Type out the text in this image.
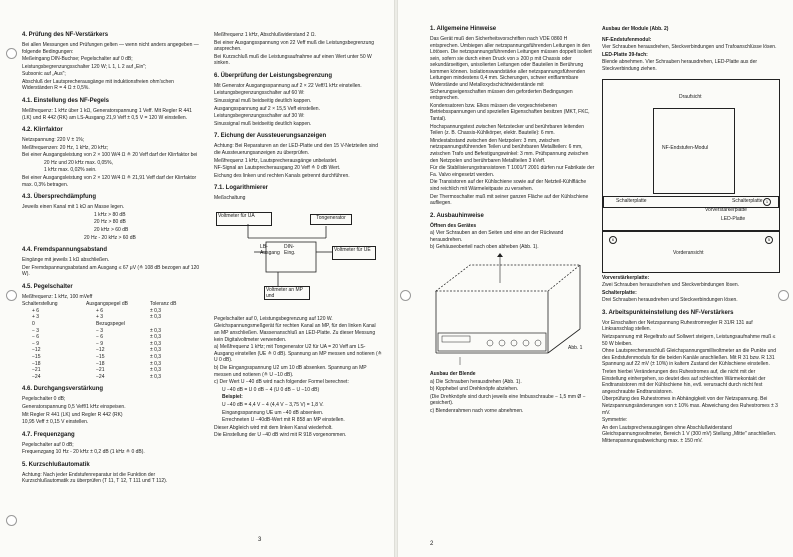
4. Prüfung des NF-Verstärkers

Bei allen Messungen und Prüfungen gelten — wenn nicht anders angegeben — folgende Bedingungen:

Meßeingang DIN-Buchse; Pegelschalter auf 0 dB;

Leistungsbegrenzungsschalter 120 W; L 1, L 2 auf „Ein";

Subsonic auf „Aus";

Abschluß der Lautsprecherausgänge mit induktionsfreien ohm'schen Widerständen R = 4 Ω ± 0,5%.

4.1. Einstellung des NF-Pegels

Meßfrequenz: 1 kHz über 1 kΩ, Generatorspannung 1 Veff. Mit Regler R 441 (LK) und R 442 (RK) am LS-Ausgang 21,9 Veff ± 0,5 V = 120 W einstellen.

4.2. Klirrfaktor

Netzspannung: 220 V ± 1%;

Meßfrequenzen: 20 Hz, 1 kHz, 20 kHz;

Bei einer Ausgangsleistung von 2 × 100 W/4 Ω ≙ 20 Veff darf der Klirrfaktor bei

20 Hz und 20 kHz max. 0,05%,

1 kHz max. 0,02% sein.

Bei einer Ausgangsleistung von 2 × 120 W/4 Ω ≙ 21,91 Veff darf der Klirrfaktor max. 0,3% betragen.

4.3. Übersprechdämpfung

Jeweils einen Kanal mit 1 kΩ an Masse legen.

1 kHz > 80 dB

20 Hz > 80 dB

20 kHz > 60 dB

20 Hz - 20 kHz > 60 dB

4.4. Fremdspannungsabstand

Eingänge mit jeweils 1 kΩ abschließen.

Der Fremdspannungsabstand am Ausgang ≤ 67 μV (≙ 108 dB bezogen auf 120 W).

4.5. Pegelschalter

Meßfrequenz: 1 kHz, 100 mVeff

Schalterstellung	Ausgangspegel dB	Toleranz dB
+ 6	+ 6	± 0,3
+ 3	+ 3	± 0,3
0	Bezugspegel
− 3	− 3	± 0,3
− 6	− 6	± 0,3
− 9	− 9	± 0,3
−12	−12	± 0,3
−15	−15	± 0,3
−18	−18	± 0,3
−21	−21	± 0,3
−24	−24	± 0,3
4.6. Durchgangsverstärkung

Pegelschalter 0 dB;

Generatorspannung 0,5 Veff/1 kHz einspeisen.

Mit Regler R 441 (LK) und Regler R 442 (RK)

10,95 Veff ± 0,15 V einstellen.

4.7. Frequenzgang

Pegelschalter auf 0 dB;

Frequenzgang 10 Hz - 20 kHz ± 0,2 dB (1 kHz ≙ 0 dB).

5. Kurzschlußautomatik

Achtung: Nach jeder Endstufenreparatur ist die Funktion der Kurzschlußautomatik zu überprüfen (T 11, T 12, T 111 und T 112).

Meßfrequenz 1 kHz, Abschlußwiderstand 2 Ω.

Bei einer Ausgangsspannung von 22 Veff muß die Leistungsbegrenzung ansprechen.

Bei Kurzschluß muß die Leistungsaufnahme auf einen Wert unter 50 W sinken.

6. Überprüfung der Leistungsbegrenzung

Mit Generator Ausgangsspannung auf 2 × 22 Veff/1 kHz einstellen.

Leistungsbegrenzungsschalter auf 60 W:

Sinussignal muß beidseitig deutlich kappen.

Ausgangsspannung auf 2 × 15,5 Veff einstellen.

Leistungsbegrenzungsschalter auf 30 W:

Sinussignal muß beidseitig deutlich kappen.

7. Eichung der Aussteuerungsanzeigen

Achtung: Bei Reparaturen an der LED-Platte und den 15 V-Netzteilen sind die Aussteuerungsanzeigen zu überprüfen.

Meßfrequenz 1 kHz, Lautsprecherausgänge unbelastet.

NF-Signal an Lautsprecherausgang 20 Veff ≙ 0 dB Wert.

Eichung des linken und rechten Kanals getrennt durchführen.

7.1. Logarithmierer

Meßschaltung

Voltmeter für UA	Tongenerator
LB-Ausgang
DIN-Eing.
Voltmeter für UE
Voltmeter an MP und

Pegelschalter auf 0, Leistungsbegrenzung auf 120 W.

Gleichspannungsmeßgerät für rechten Kanal an MP, für den linken Kanal an MP anschließen. Massenanschluß an LED-Platte. Zu dieser Messung kein Digitalvoltmeter verwenden.

a) Meßfrequenz 1 kHz; mit Tongenerator U2 für UA = 20 Veff am LS-Ausgang einstellen (UE ≙ 0 dB). Spannung an MP messen und notieren (≙ U 0 dB).

b) Die Eingangsspannung U2 um 10 dB absenken. Spannung an MP messen und notieren (≙ U −10 dB).

c) Der Wert U −40 dB wird nach folgender Formel berechnet:

U −40 dB = U 0 dB − 4 (U 0 dB − U −10 dB)

Beispiel:

U −40 dB = 4,4 V − 4 (4,4 V − 3,75 V) = 1,8 V.

Eingangsspannung UE um −40 dB absenken.

Errechneten U −40dB-Wert mit R 858 an MP einstellen.

Dieser Abgleich wird mit dem linken Kanal wiederholt.

Die Einstellung der U −40 dB wird mit R 918 vorgenommen.

3
1. Allgemeine Hinweise

Das Gerät muß den Sicherheitsvorschriften nach VDE 0860 H entsprechen. Umbiegen aller netzspannungsführenden Leitungen in den Lötösen. Die netzspannungsführenden Leitungen müssen doppelt isoliert sein, sofern sie durch einen Druck von ≥ 200 p mit Chassis oder sekundärseitigen, unisolierten Leitungen oder Bauteilen in Berührung kommen können. Isolationswandstärke aller netzspannungsführenden Leitungen mindestens 0,4 mm. Sicherungen, schwer entflammbare Widerstände und Metalloxydschichtwiderstände mit Sicherungseigenschaften müssen den geforderten Bedingungen entsprechen.

Kondensatoren bzw. Elkos müssen die vorgeschriebenen Betriebsspannungen und speziellen Eigenschaften besitzen (MKT, FKC, Tantal).

Hochspannungstest zwischen Netzstecker und berührbaren leitenden Teilen (z. B. Chassis-Kühlkörper, elektr. Bauteile): 6 mm.

Mindestabstand zwischen den Netzpolen: 3 mm, zwischen netzspannungsführenden Teilen und berührbaren Metallteilen: 6 mm, zwischen Trafo und Befestigungswinkel: 3 mm. Prüfspannung zwischen den Netzpolen und berührbaren Metallteilen 3 kVeff.

Für die Stabilisierungstransistoren T 1001/T 2001 dürfen nur Fabrikate der Fa. Valvo eingesetzt werden.

Die Transistoren auf der Kühlschiene sowie auf der Netzteil-Kühlfläche sind reichlich mit Wärmeleitpaste zu versehen.

Der Thermoschalter muß mit seiner ganzen Fläche auf der Kühlschiene aufliegen.

2. Ausbauhinweise

Öffnen des Gerätes

a) Vier Schrauben an den Seiten und eine an der Rückwand herausdrehen.

b) Gehäuseoberteil nach oben abheben (Abb. 1).

Abb. 1

Ausbau der Blende

a) Die Schrauben herausdrehen (Abb. 1).

b) Kipphebel und Drehknöpfe abziehen.

(Die Drehknöpfe sind durch jeweils eine Imbusschraube − 1,5 mm Ø − gesichert).

c) Blendenrahmen nach vorne abnehmen.

Ausbau der Module (Abb. 2)

NF-Endstufenmodul:

Vier Schrauben herausdrehen, Steckverbindungen und Trafoanschlüsse lösen.

LED-Platte 39-fach:

Blende abnehmen. Vier Schrauben herausdrehen, LED-Platte aus der Steckverbindung ziehen.

Draufsicht
NF-Endstufen-Modul
Schalterplatte	Schalterplatte
Vorverstärkerplatte
LED-Platte
1
6	5
Vorderansicht

Vorverstärkerplatte:

Zwei Schrauben herausdrehen und Steckverbindungen lösen.

Schalterplatte:

Drei Schrauben herausdrehen und Steckverbindungen lösen.

3. Arbeitspunkteinstellung des NF-Verstärkers

Vor Einschalten der Netzspannung Ruhestromregler R 31/R 131 auf Linksanschlag stellen.

Netzspannung mit Regeltrafo auf Sollwert steigern, Leistungsaufnahme muß ≤ 50 W bleiben.

Ohne Lautsprecheranschluß Gleichspannungsmillivoltmeter an die Punkte und des Endstufenmoduls für die beiden Kanäle anschließen. Mit R 31 bzw. R 131 Spannung auf 22 mV (± 10%) in kaltem Zustand der Kühlschiene einstellen.

Treten hierbei Veränderungen des Ruhestromes auf, die nicht mit der Einstellung einhergehen, so deutet dies auf schlechten Wärmekontakt der Endtransistoren mit der Kühlschiene hin, evtl. verursacht durch nicht fest angeschraubte Endtransistoren.

Überprüfung des Ruhestromes in Abhängigkeit von der Netzspannung. Bei Netzspannungsänderungen von ± 10% max. Abweichung des Ruhestromes ± 3 mV.

Symmetrie:

An den Lautsprecherausgängen ohne Abschlußwiderstand Gleichspannungsvoltmeter, Bereich 1 V (300 mV) Stellung „Mitte" anschließen. Mittenspannungsabweichung max. ± 150 mV.

2
